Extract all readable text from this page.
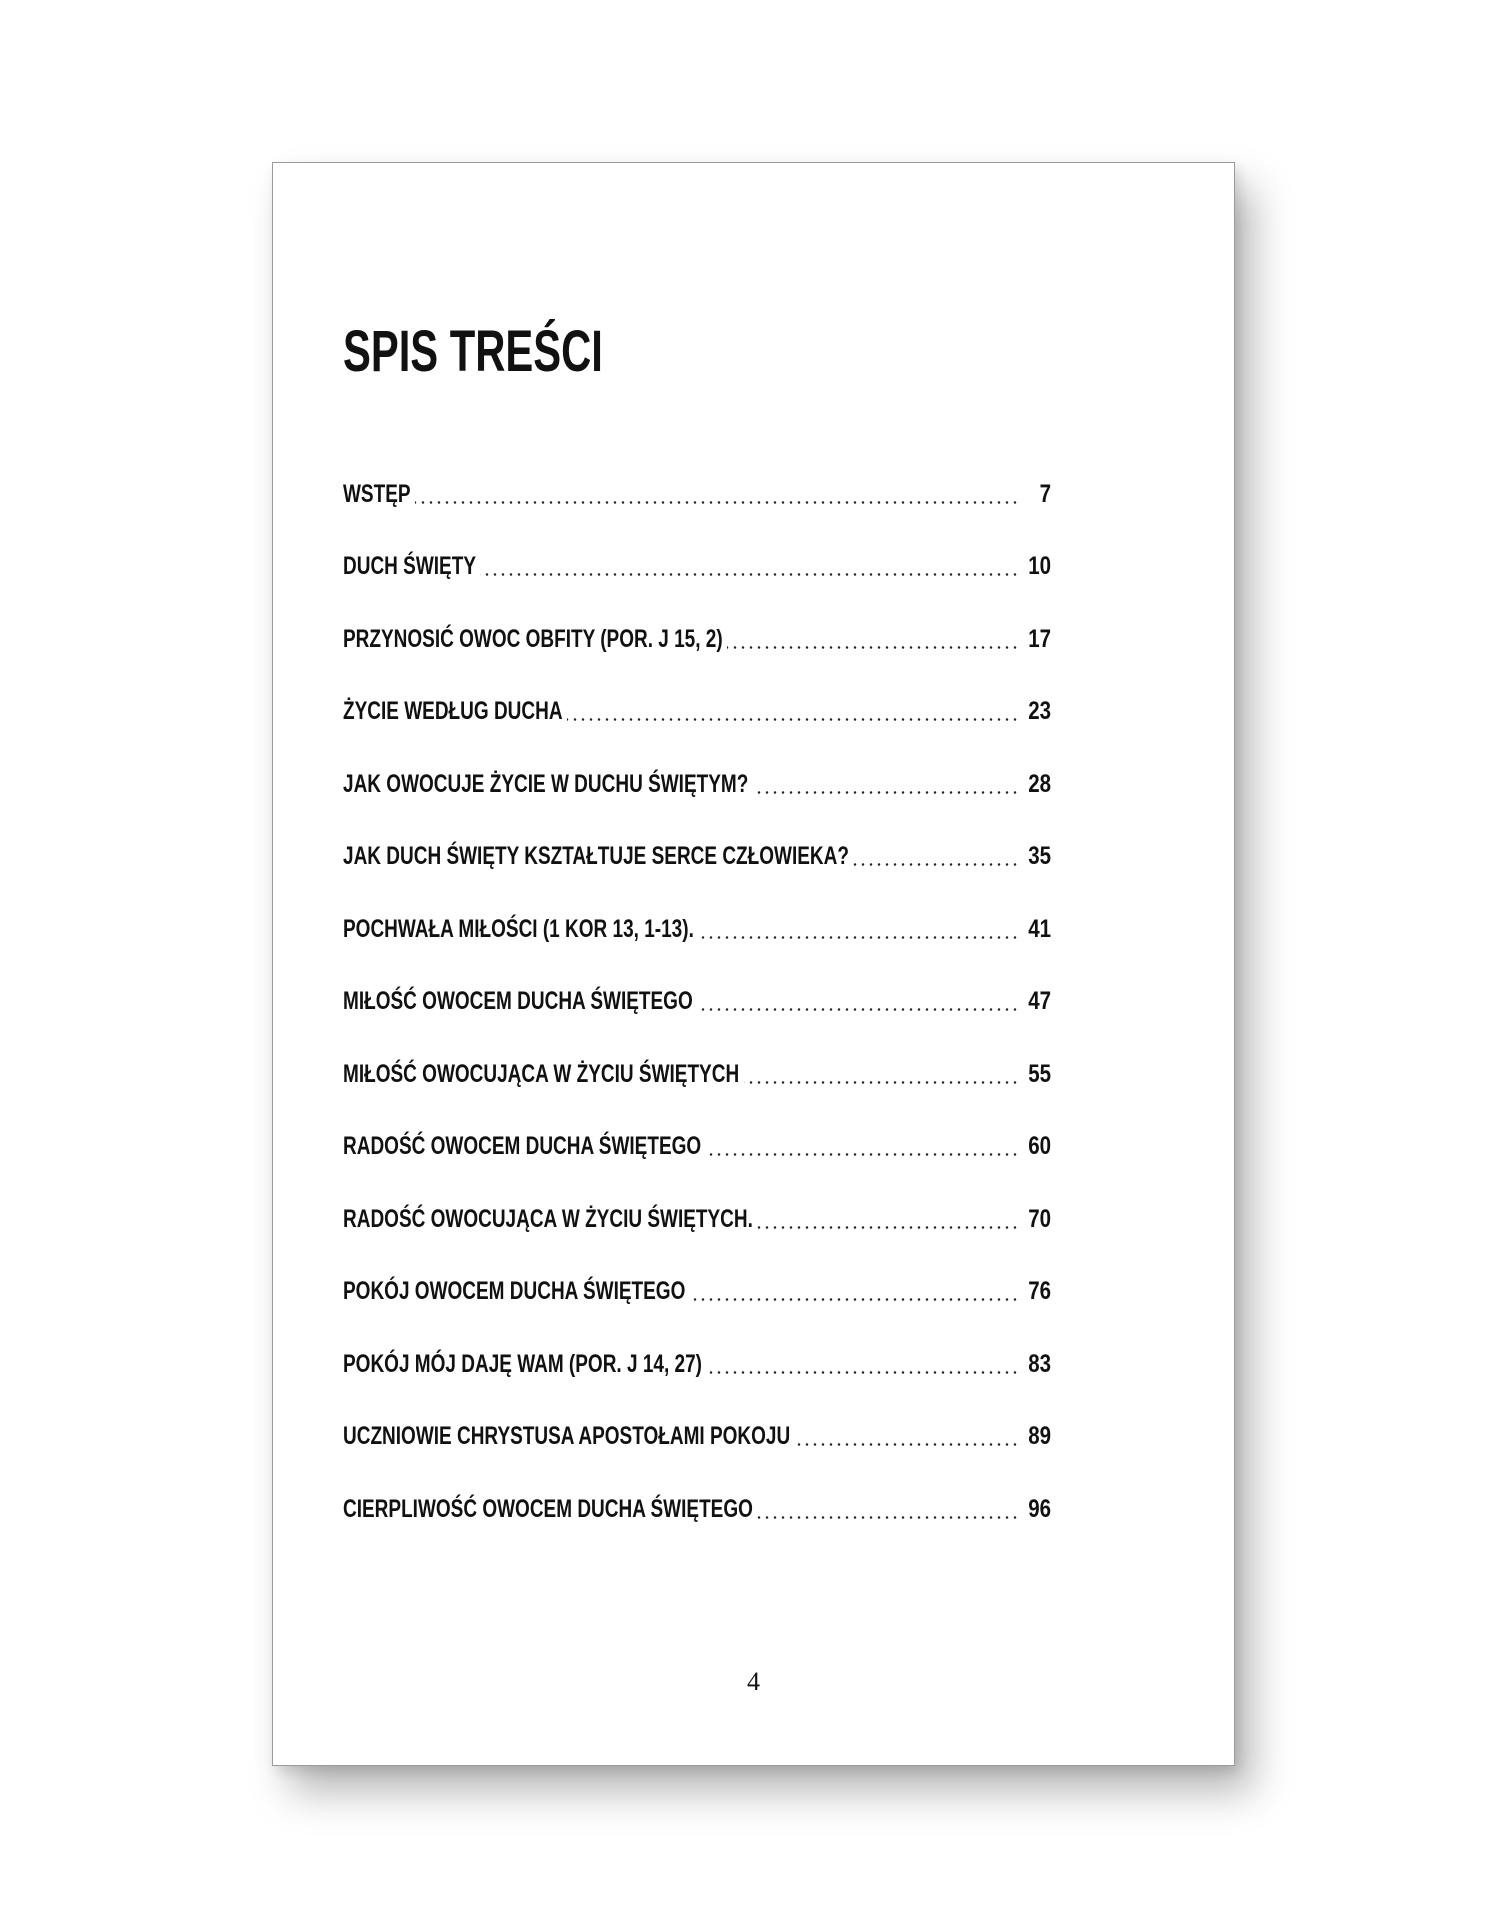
SPIS TREŚCI
WSTĘP	7
DUCH ŚWIĘTY	10
PRZYNOSIĆ OWOC OBFITY (POR. J 15, 2)	17
ŻYCIE WEDŁUG DUCHA	23
JAK OWOCUJE ŻYCIE W DUCHU ŚWIĘTYM?	28
JAK DUCH ŚWIĘTY KSZTAŁTUJE SERCE CZŁOWIEKA?	35
POCHWAŁA MIŁOŚCI (1 KOR 13, 1-13).	41
MIŁOŚĆ OWOCEM DUCHA ŚWIĘTEGO	47
MIŁOŚĆ OWOCUJĄCA W ŻYCIU ŚWIĘTYCH	55
RADOŚĆ OWOCEM DUCHA ŚWIĘTEGO	60
RADOŚĆ OWOCUJĄCA W ŻYCIU ŚWIĘTYCH.	70
POKÓJ OWOCEM DUCHA ŚWIĘTEGO	76
POKÓJ MÓJ DAJĘ WAM (POR. J 14, 27)	83
UCZNIOWIE CHRYSTUSA APOSTOŁAMI POKOJU	89
CIERPLIWOŚĆ OWOCEM DUCHA ŚWIĘTEGO	96
4
